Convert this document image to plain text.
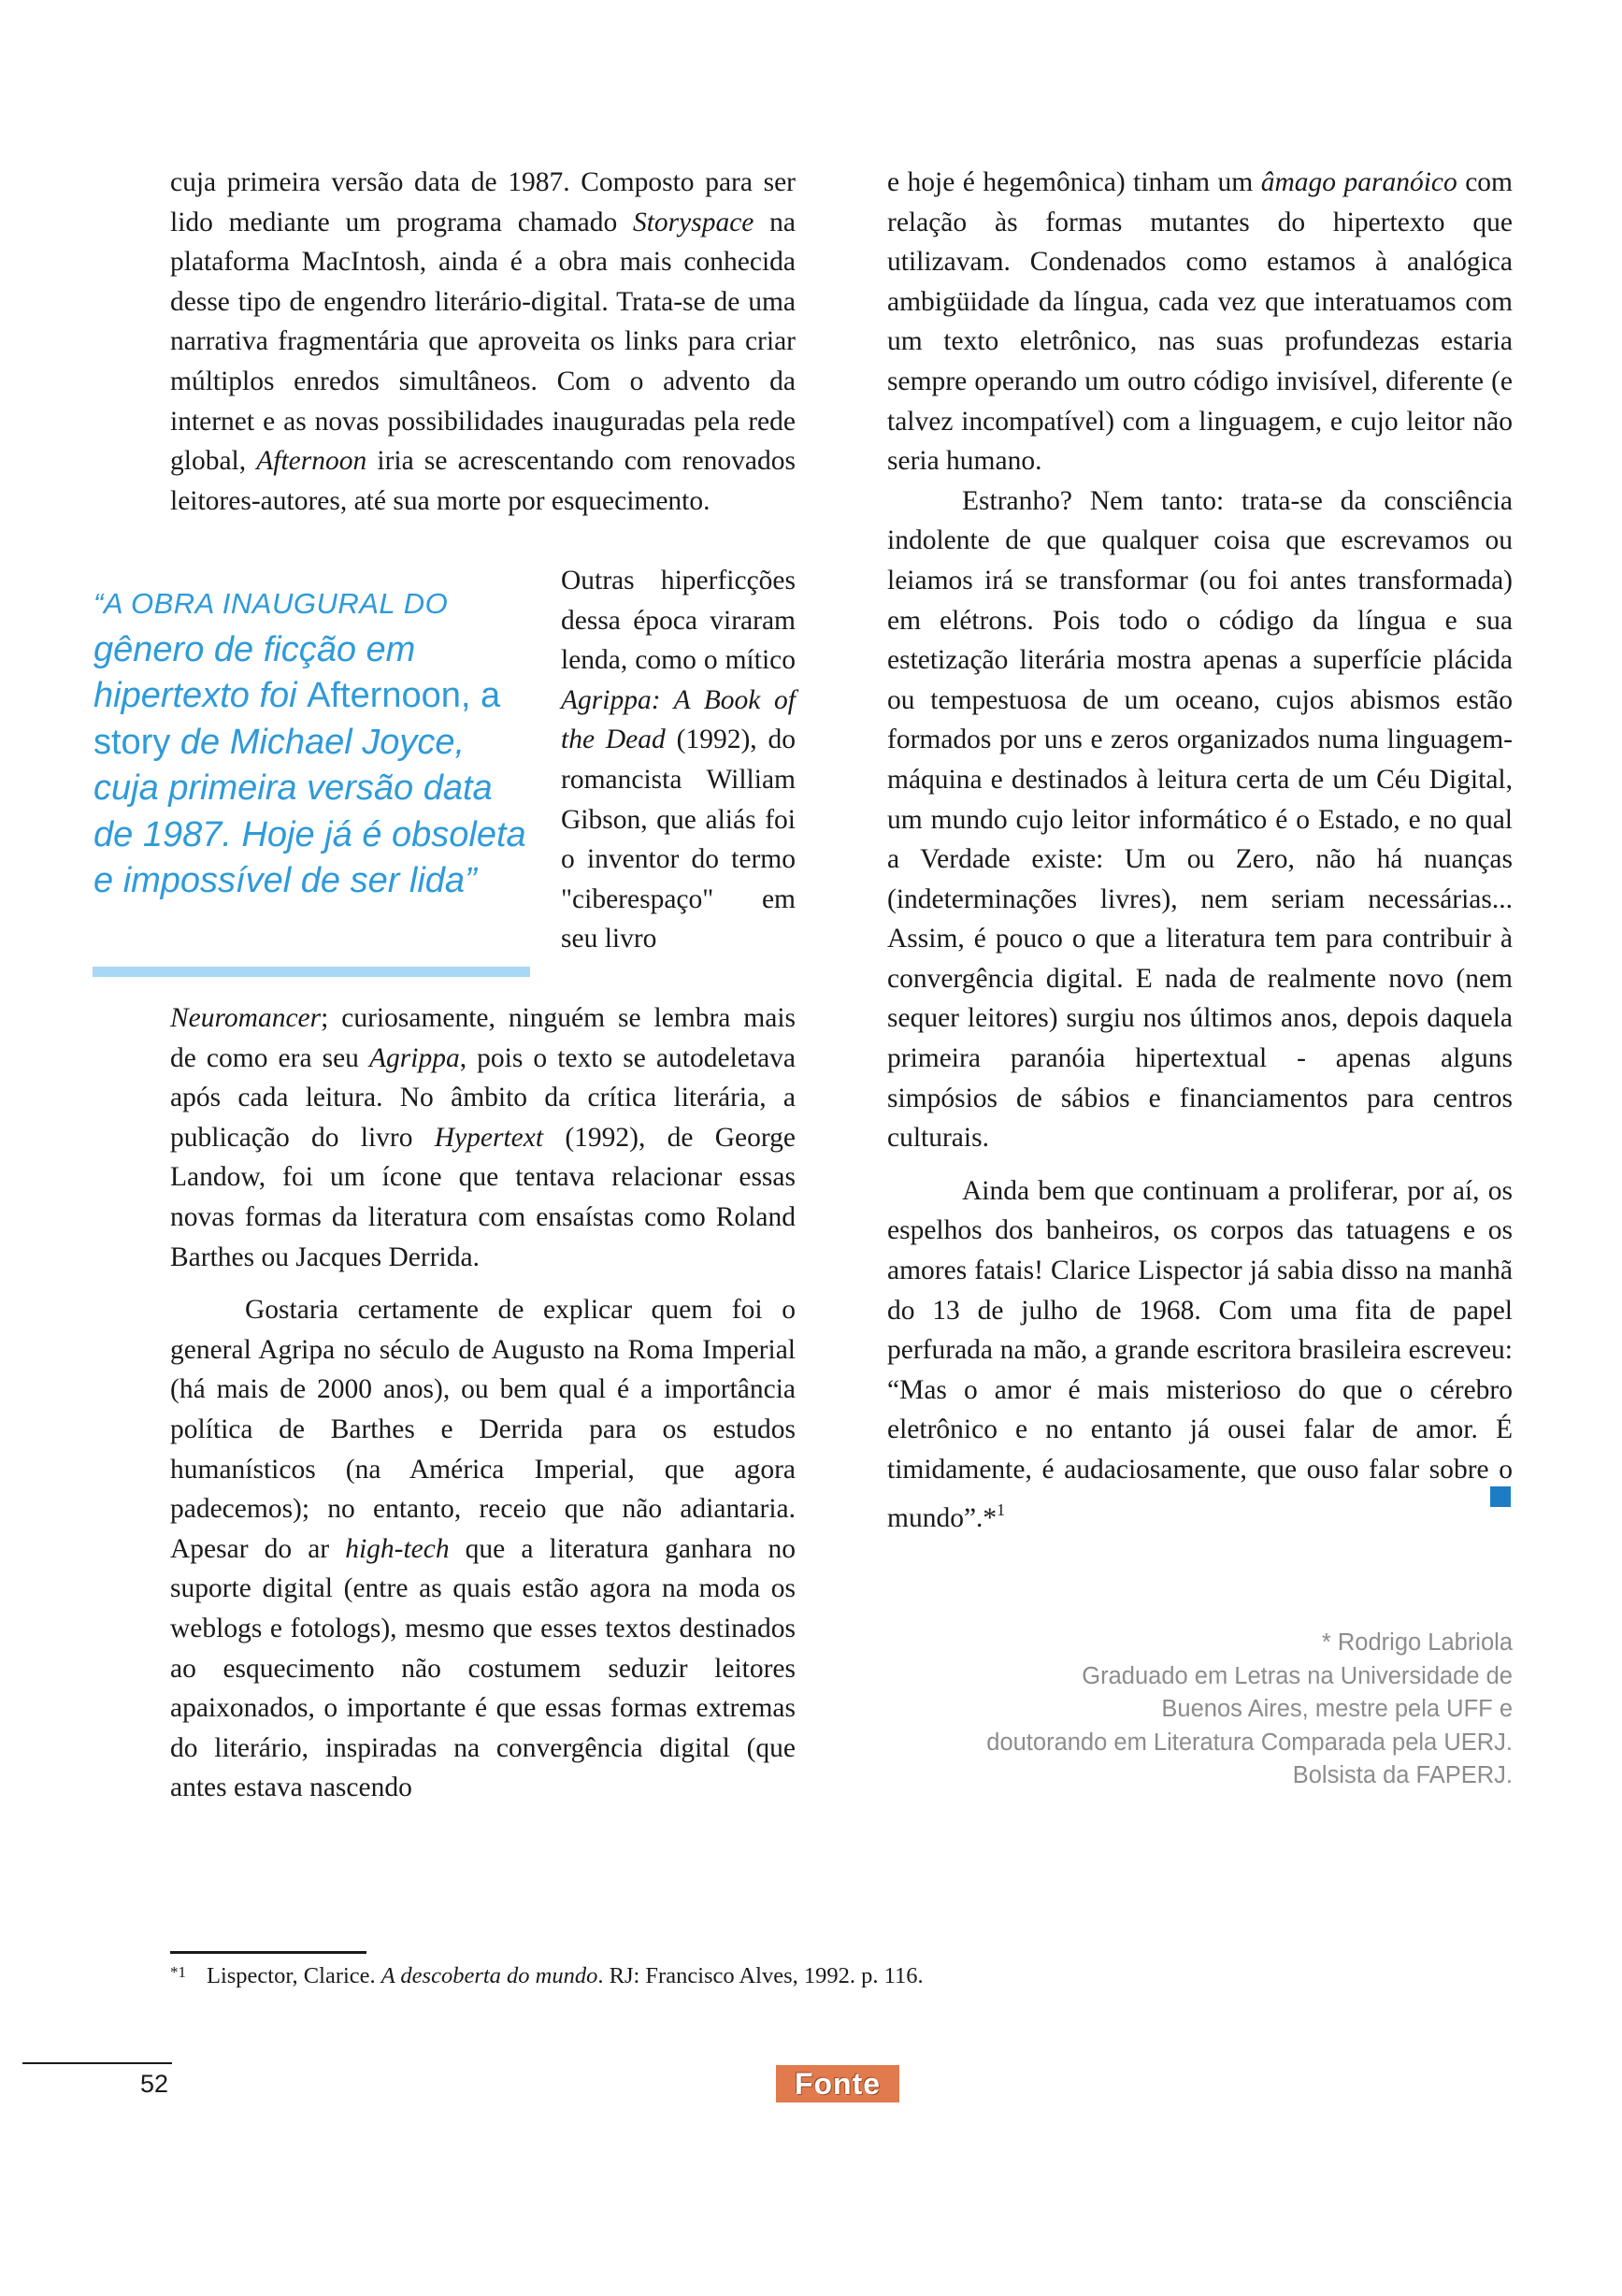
cuja primeira versão data de 1987. Composto para ser lido mediante um programa chamado Storyspace na plataforma MacIntosh, ainda é a obra mais conhecida desse tipo de engendro literário-digital. Trata-se de uma narrativa fragmentária que aproveita os links para criar múltiplos enredos simultâneos. Com o advento da internet e as novas possibilidades inauguradas pela rede global, Afternoon iria se acrescentando com renovados leitores-autores, até sua morte por esquecimento.

Outras hiperficções dessa época viraram lenda, como o mítico Agrippa: A Book of the Dead (1992), do romancista William Gibson, que aliás foi o inventor do termo "ciberespaço" em seu livro

Neuromancer; curiosamente, ninguém se lembra mais de como era seu Agrippa, pois o texto se autodeletava após cada leitura. No âmbito da crítica literária, a publicação do livro Hypertext (1992), de George Landow, foi um ícone que tentava relacionar essas novas formas da literatura com ensaístas como Roland Barthes ou Jacques Derrida.

Gostaria certamente de explicar quem foi o general Agripa no século de Augusto na Roma Imperial (há mais de 2000 anos), ou bem qual é a importância política de Barthes e Derrida para os estudos humanísticos (na América Imperial, que agora padecemos); no entanto, receio que não adiantaria. Apesar do ar high-tech que a literatura ganhara no suporte digital (entre as quais estão agora na moda os weblogs e fotologs), mesmo que esses textos destinados ao esquecimento não costumem seduzir leitores apaixonados, o importante é que essas formas extremas do literário, inspiradas na convergência digital (que antes estava nascendo

“A OBRA INAUGURAL DO
gênero de ficção em hipertexto foi Afternoon, a story de Michael Joyce, cuja primeira versão data de 1987. Hoje já é obsoleta e impossível de ser lida”

e hoje é hegemônica) tinham um âmago paranóico com relação às formas mutantes do hipertexto que utilizavam. Condenados como estamos à analógica ambigüidade da língua, cada vez que interatuamos com um texto eletrônico, nas suas profundezas estaria sempre operando um outro código invisível, diferente (e talvez incompatível) com a linguagem, e cujo leitor não seria humano.

Estranho? Nem tanto: trata-se da consciência indolente de que qualquer coisa que escrevamos ou leiamos irá se transformar (ou foi antes transformada) em elétrons. Pois todo o código da língua e sua estetização literária mostra apenas a superfície plácida ou tempestuosa de um oceano, cujos abismos estão formados por uns e zeros organizados numa linguagem-máquina e destinados à leitura certa de um Céu Digital, um mundo cujo leitor informático é o Estado, e no qual a Verdade existe: Um ou Zero, não há nuanças (indeterminações livres), nem seriam necessárias... Assim, é pouco o que a literatura tem para contribuir à convergência digital. E nada de realmente novo (nem sequer leitores) surgiu nos últimos anos, depois daquela primeira paranóia hipertextual - apenas alguns simpósios de sábios e financiamentos para centros culturais.

Ainda bem que continuam a proliferar, por aí, os espelhos dos banheiros, os corpos das tatuagens e os amores fatais! Clarice Lispector já sabia disso na manhã do 13 de julho de 1968. Com uma fita de papel perfurada na mão, a grande escritora brasileira escreveu: “Mas o amor é mais misterioso do que o cérebro eletrônico e no entanto já ousei falar de amor. É timidamente, é audaciosamente, que ouso falar sobre o mundo”.*$^1$

* Rodrigo Labriola
Graduado em Letras na Universidade de
Buenos Aires, mestre pela UFF e
doutorando em Literatura Comparada pela UERJ.
Bolsista da FAPERJ.
$^{*1}$ Lispector, Clarice. A descoberta do mundo. RJ: Francisco Alves, 1992. p. 116.
52	Fonte
